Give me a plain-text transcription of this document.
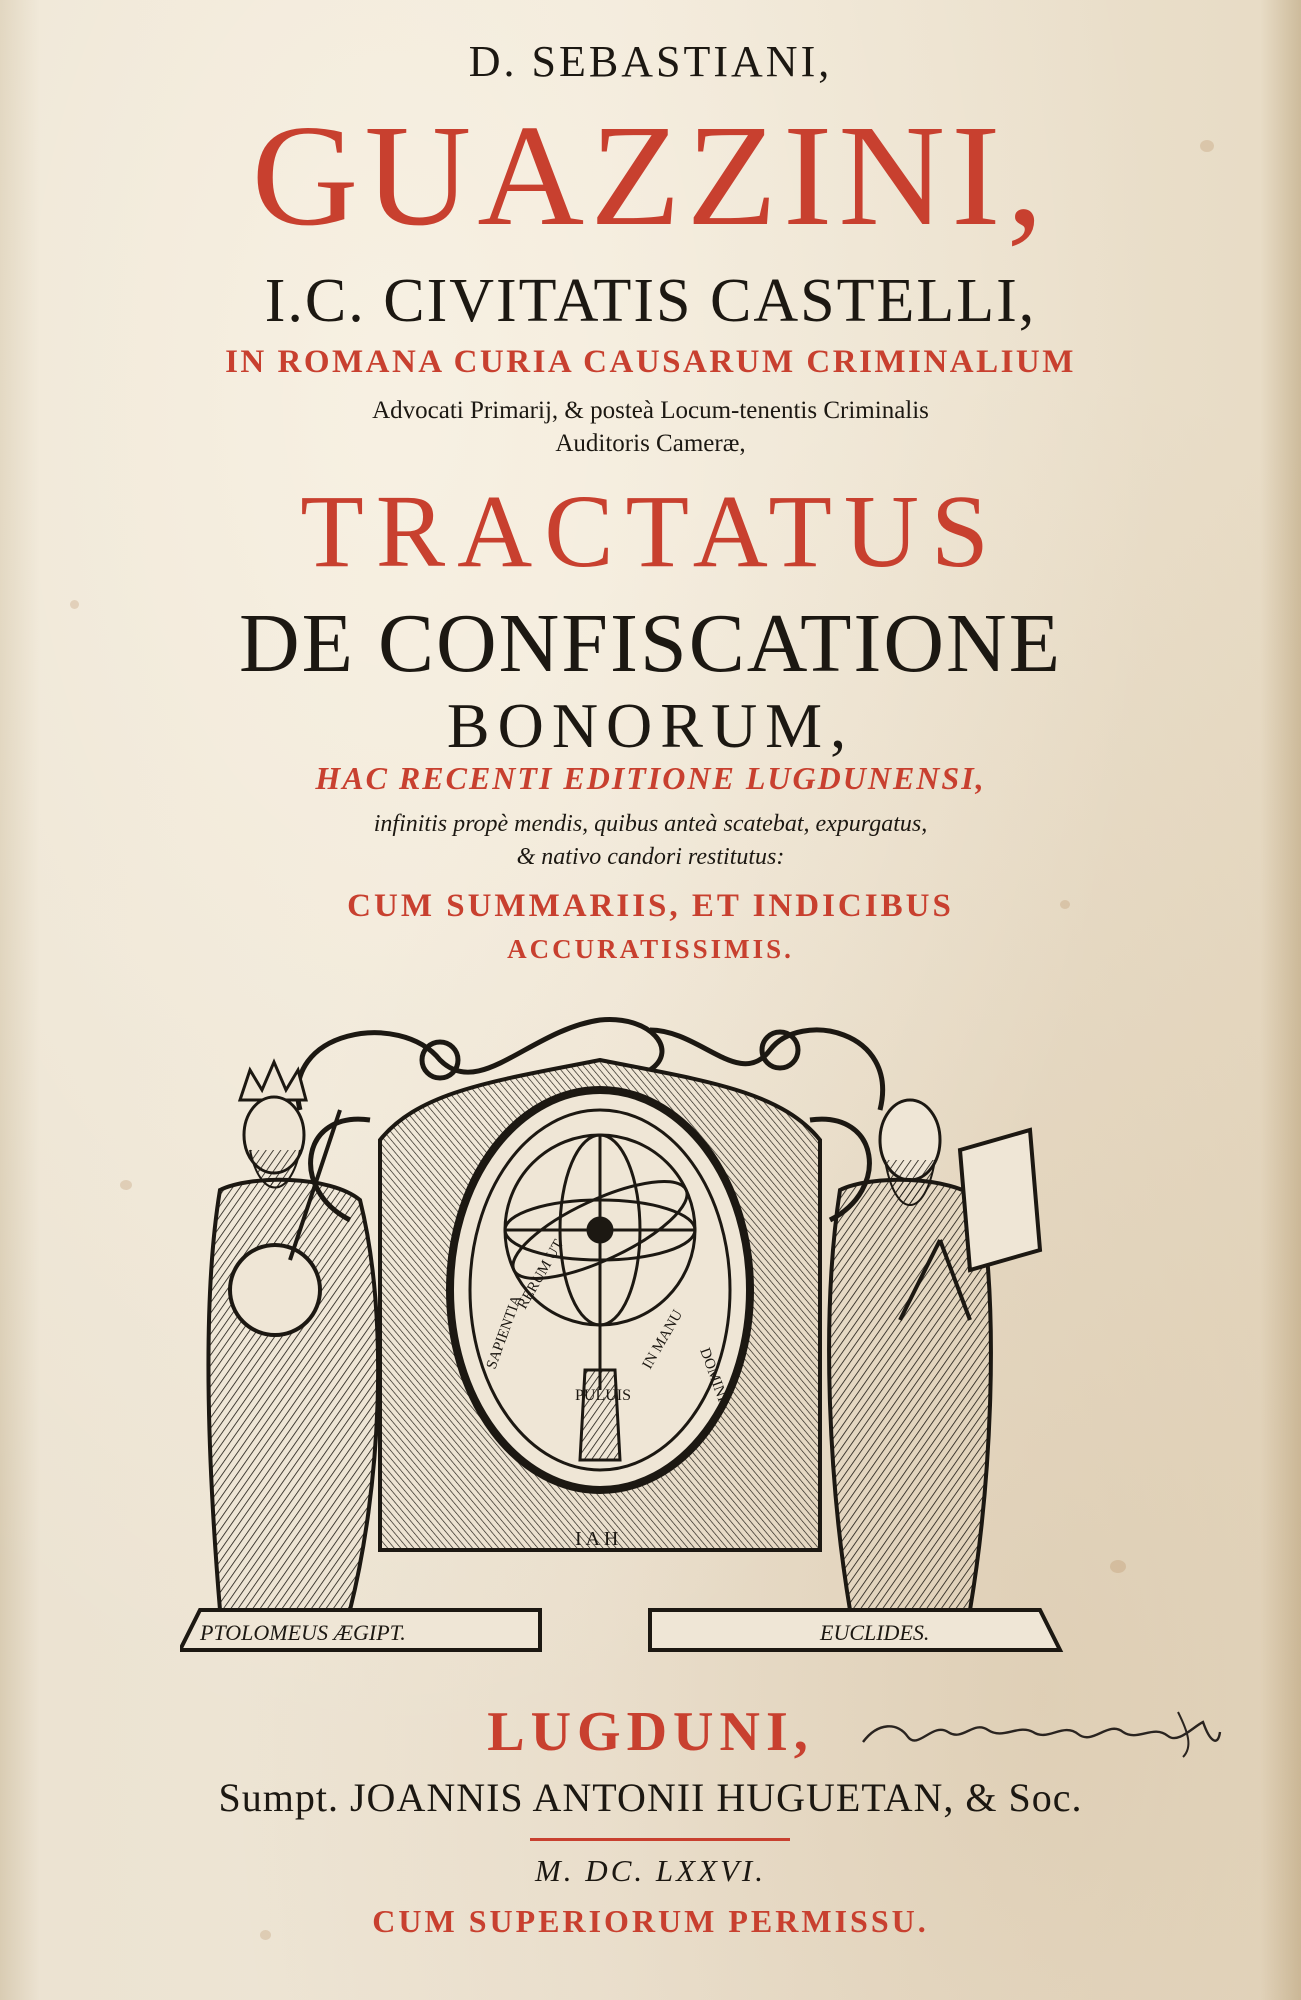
D. SEBASTIANI,
GUAZZINI,
I.C. CIVITATIS CASTELLI,
IN ROMANA CURIA CAUSARUM CRIMINALIUM
Advocati Primarij, & posteà Locum-tenentis Criminalis
Auditoris Cameræ,
TRACTATUS
DE CONFISCATIONE
BONORUM,
HAC RECENTI EDITIONE LUGDUNENSI,
infinitis propè mendis, quibus anteà scatebat, expurgatus,
& nativo candori restitutus:
CUM SUMMARIIS, ET INDICIBUS
ACCURATISSIMIS.
RERUM UT
SAPIENTIA	IN MANU
DOMINI
PULUIS
I A H
PTOLOMEUS ÆGIPT.	EUCLIDES.
LUGDUNI,
Sumpt. JOANNIS ANTONII HUGUETAN, & Soc.
M. DC. LXXVI.
CUM SUPERIORUM PERMISSU.
